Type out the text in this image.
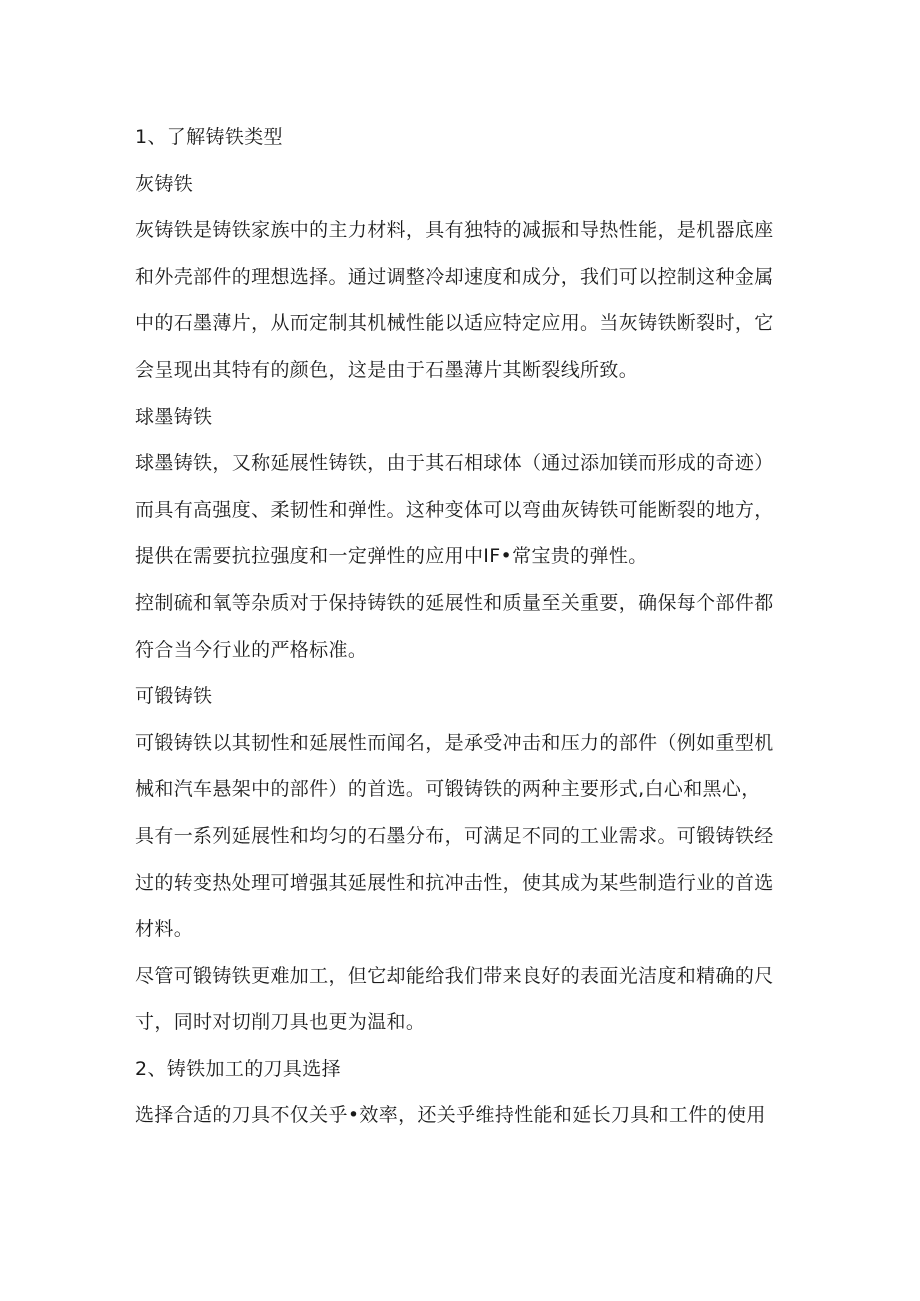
1、了解铸铁类型

灰铸铁

灰铸铁是铸铁家族中的主力材料，具有独特的减振和导热性能，是机器底座

和外壳部件的理想选择。通过调整冷却速度和成分，我们可以控制这种金属

中的石墨薄片，从而定制其机械性能以适应特定应用。当灰铸铁断裂时，它

会呈现出其特有的颜色，这是由于石墨薄片其断裂线所致。

球墨铸铁

球墨铸铁，又称延展性铸铁，由于其石相球体（通过添加镁而形成的奇迹）

而具有高强度、柔韧性和弹性。这种变体可以弯曲灰铸铁可能断裂的地方，

提供在需要抗拉强度和一定弹性的应用中IF•常宝贵的弹性。

控制硫和氧等杂质对于保持铸铁的延展性和质量至关重要，确保每个部件都

符合当今行业的严格标准。

可锻铸铁

可锻铸铁以其韧性和延展性而闻名，是承受冲击和压力的部件（例如重型机

械和汽车悬架中的部件）的首选。可锻铸铁的两种主要形式,白心和黑心，

具有一系列延展性和均匀的石墨分布，可满足不同的工业需求。可锻铸铁经

过的转变热处理可增强其延展性和抗冲击性，使其成为某些制造行业的首选

材料。

尽管可锻铸铁更难加工，但它却能给我们带来良好的表面光洁度和精确的尺

寸，同时对切削刀具也更为温和。

2、铸铁加工的刀具选择

选择合适的刀具不仅关乎•效率，还关乎维持性能和延长刀具和工件的使用
